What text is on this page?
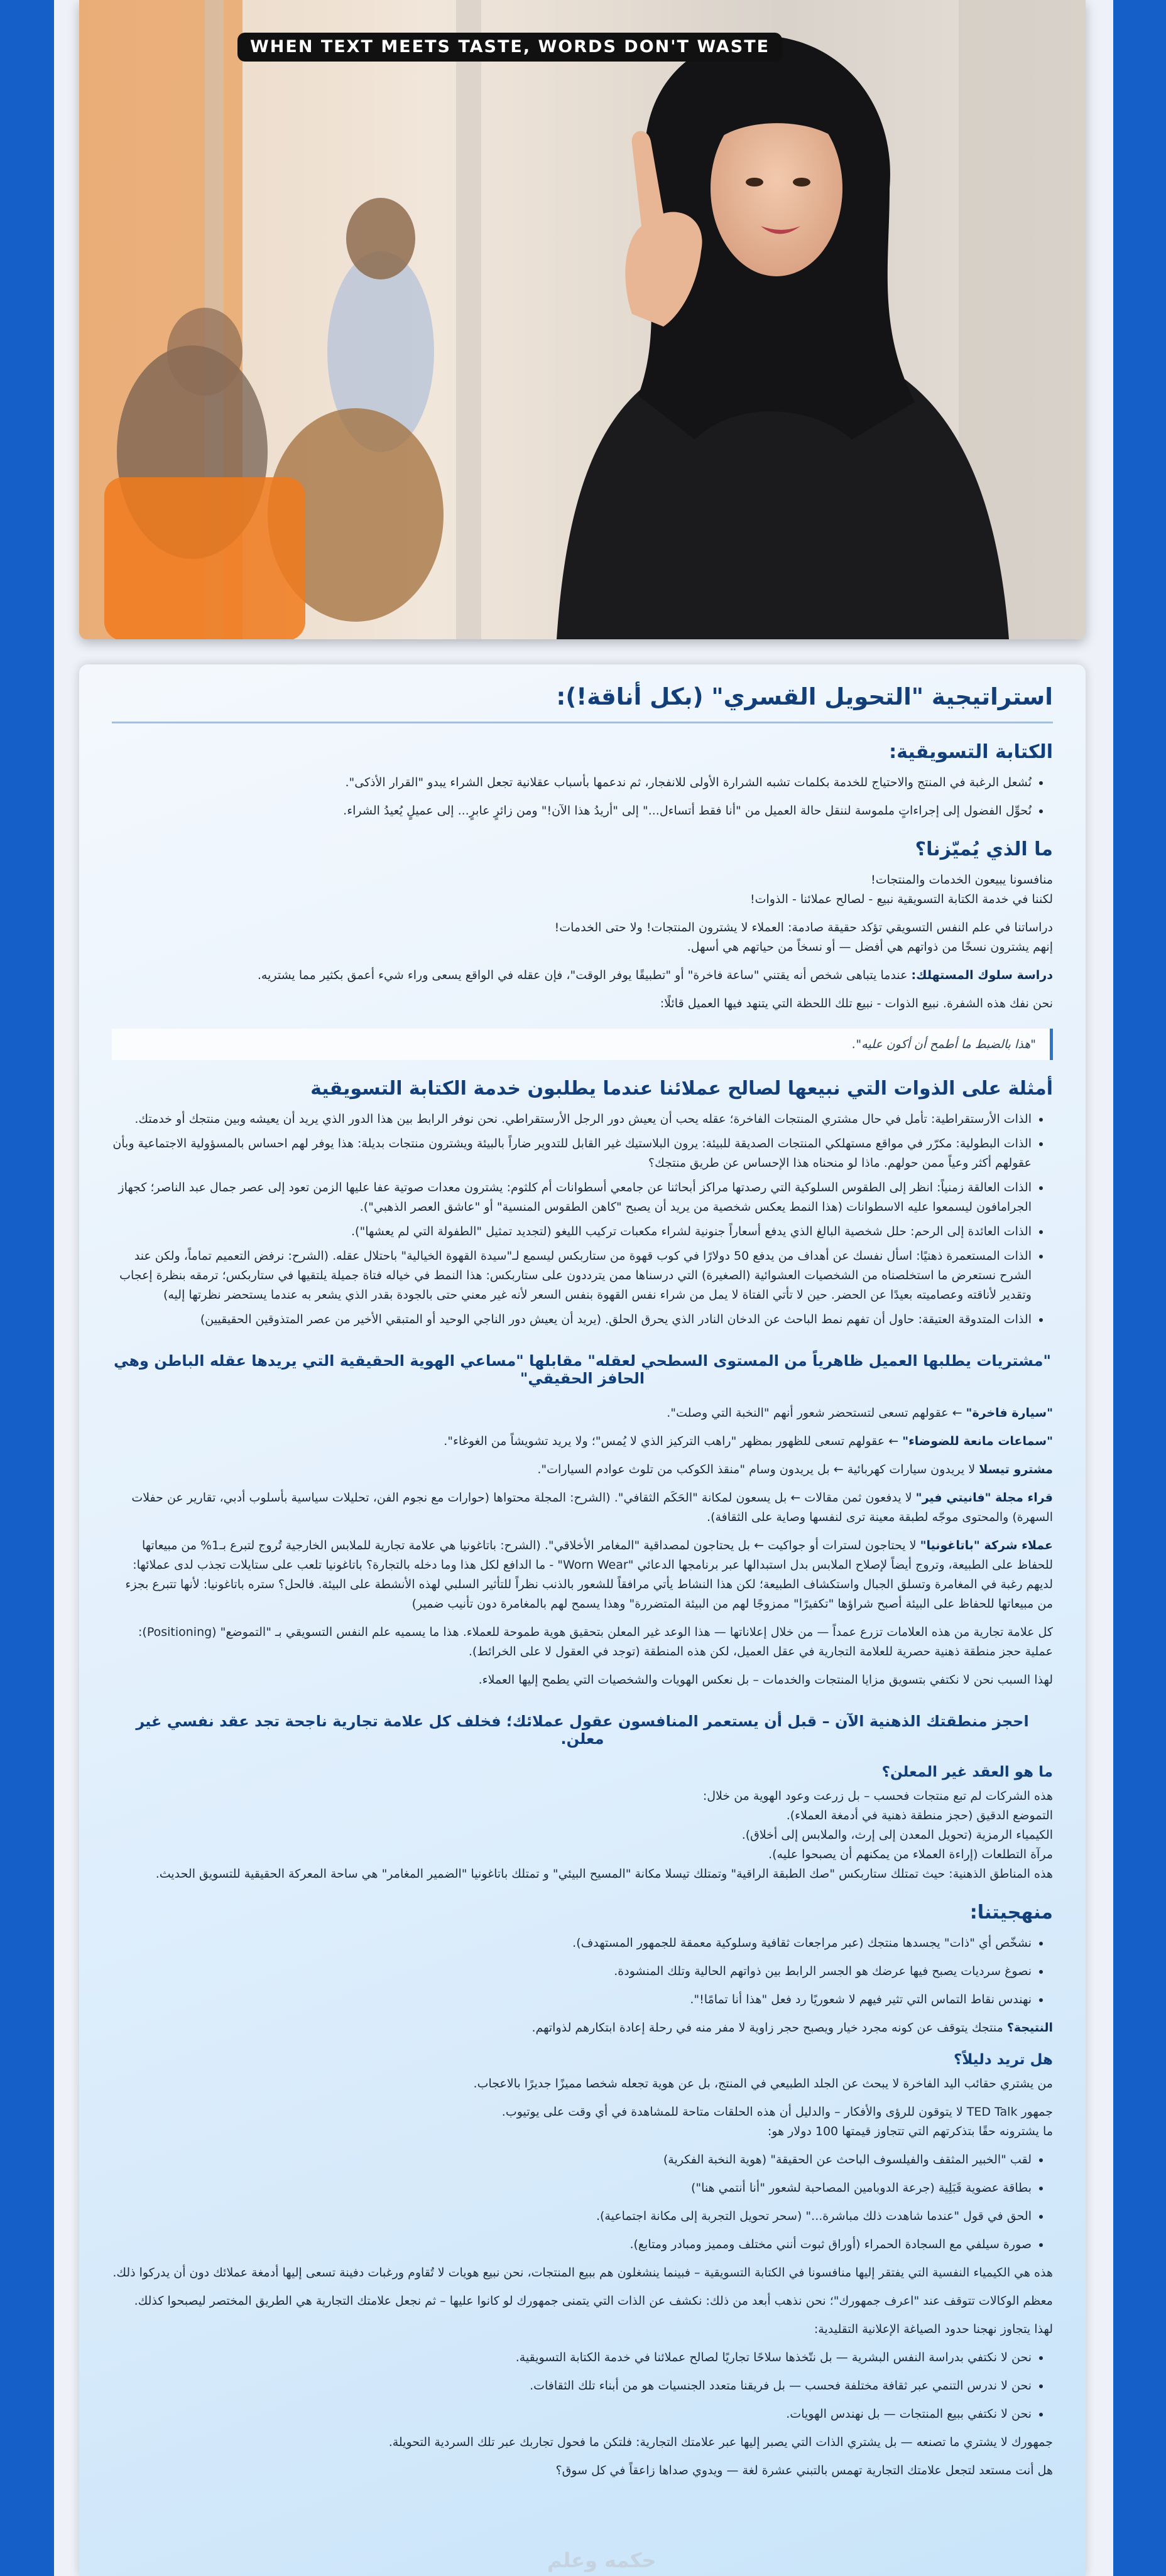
WHEN TEXT MEETS TASTE, WORDS DON'T WASTE
استراتيجية "التحويل القسري" (بكل أناقة!):
الكتابة التسويقية:
• نُشعل الرغبة في المنتج والاحتياج للخدمة بكلمات تشبه الشرارة الأولى للانفجار، ثم ندعمها بأسباب عقلانية تجعل الشراء يبدو "القرار الأذكى".
• نُحوِّل الفضول إلى إجراءاتٍ ملموسة لننقل حالة العميل من "أنا فقط أتساءل..." إلى "أريدُ هذا الآن!" ومن زائرٍ عابرٍ... إلى عميلٍ يُعيدُ الشراء.
ما الذي يُميّزنا؟

منافسونا يبيعون الخدمات والمنتجات!

لكننا في خدمة الكتابة التسويقية نبيع - لصالح عملائنا - الذوات!

دراساتنا في علم النفس التسويقي تؤكد حقيقة صادمة: العملاء لا يشترون المنتجات! ولا حتى الخدمات!

إنهم يشترون نسخًا من ذواتهم هي أفضل — أو نسخاً من حياتهم هي أسهل.

دراسة سلوك المستهلك: عندما يتباهى شخص أنه يقتني "ساعة فاخرة" أو "تطبيقًا يوفر الوقت"، فإن عقله في الواقع يسعى وراء شيء أعمق بكثير مما يشتريه.

نحن نفك هذه الشفرة. نبيع الذوات - نبيع تلك اللحظة التي يتنهد فيها العميل قائلًا:

"هذا بالضبط ما أطمح أن أكون عليه".
أمثلة على الذوات التي نبيعها لصالح عملائنا عندما يطلبون خدمة الكتابة التسويقية
• الذات الأرستقراطية: تأمل في حال مشتري المنتجات الفاخرة؛ عقله يحب أن يعيش دور الرجل الأرستقراطي. نحن نوفر الرابط بين هذا الدور الذي يريد أن يعيشه وبين منتجك أو خدمتك.
• الذات البطولية: مكرّر في مواقع مستهلكي المنتجات الصديقة للبيئة: يرون البلاستيك غير القابل للتدوير ضاراً بالبيئة ويشترون منتجات بديلة: هذا يوفر لهم احساس بالمسؤولية الاجتماعية وبأن عقولهم أكثر وعياً ممن حولهم. ماذا لو منحناه هذا الإحساس عن طريق منتجك؟
• الذات العالقة زمنياً: انظر إلى الطقوس السلوكية التي رصدتها مراكز أبحاثنا عن جامعي أسطوانات أم كلثوم: يشترون معدات صوتية عفا عليها الزمن تعود إلى عصر جمال عبد الناصر؛ كجهاز الجرامافون ليسمعوا عليه الاسطوانات (هذا النمط يعكس شخصية من يريد أن يصبح "كاهن الطقوس المنسية" أو "عاشق العصر الذهبي").
• الذات العائدة إلى الرحم: حلل شخصية البالغ الذي يدفع أسعاراً جنونية لشراء مكعبات تركيب الليغو (لتجديد تمثيل "الطفولة التي لم يعشها").
• الذات المستعمرة ذهنيًا: اسأل نفسك عن أهداف من يدفع 50 دولارًا في كوب قهوة من ستاربكس ليسمع لـ"سيدة القهوة الخيالية" باحتلال عقله. (الشرح: نرفض التعميم تماماً، ولكن عند الشرح نستعرض ما استخلصناه من الشخصيات العشوائية (الصغيرة) التي درسناها ممن يترددون على ستاربكس: هذا النمط في خياله فتاة جميلة يلتقيها في ستاربكس؛ ترمقه بنظرة إعجاب وتقدير لأناقته وعصاميته بعيدًا عن الحضر. حين لا تأتي الفتاة لا يمل من شراء نفس القهوة بنفس السعر لأنه غير معني حتى بالجودة بقدر الذي يشعر به عندما يستحضر نظرتها إليه)
• الذات المتدوقة العتيقة: حاول أن تفهم نمط الباحث عن الدخان النادر الذي يحرق الحلق. (يريد أن يعيش دور الناجي الوحيد أو المتبقي الأخير من عصر المتذوقين الحقيقيين)
"مشتريات يطلبها العميل ظاهرياً من المستوى السطحي لعقله" مقابلها "مساعي الهوية الحقيقية التي يريدها عقله الباطن وهي الحافز الحقيقي"

"سيارة فاخرة" ← عقولهم تسعى لتستحضر شعور أنهم "النخبة التي وصلت".

"سماعات مانعة للضوضاء" ← عقولهم تسعى للظهور بمظهر "راهب التركيز الذي لا يُمس"؛ ولا يريد تشويشاً من الغوغاء".

مشترو تيسلا لا يريدون سيارات كهربائية ← بل يريدون وسام "منقذ الكوكب من تلوث عوادم السيارات".

قراء مجلة "فانيتي فير" لا يدفعون ثمن مقالات ← بل يسعون لمكانة "الحَكَم الثقافي". (الشرح: المجلة محتواها (حوارات مع نجوم الفن، تحليلات سياسية بأسلوب أدبي، تقارير عن حفلات السهرة) والمحتوى موجّه لطبقة معينة ترى لنفسها وصاية على الثقافة).

عملاء شركة "باتاغونيا" لا يحتاجون لسترات أو جواكيت ← بل يحتاجون لمصداقية "المغامر الأخلاقي". (الشرح: باتاغونيا هي علامة تجارية للملابس الخارجية تُروج لتبرع بـ1% من مبيعاتها للحفاظ على الطبيعة، وتروج أيضاً لإصلاح الملابس بدل استبدالها عبر برنامجها الدعائي "Worn Wear" - ما الدافع لكل هذا وما دخله بالتجارة؟ باتاغونيا تلعب على ستايلات تجذب لدى عملائها: لديهم رغبة في المغامرة وتسلق الجبال واستكشاف الطبيعة؛ لكن هذا النشاط يأتي مرافقاً للشعور بالذنب نظراً للتأثير السلبي لهذه الأنشطة على البيئة. فالحل؟ ستره باتاغونيا: لأنها تتبرع بجزء من مبيعاتها للحفاظ على البيئة أصبح شراؤها "تكفيرًا" ممزوجًا لهم من البيئة المتضررة" وهذا يسمح لهم بالمغامرة دون تأنيب ضمير)

كل علامة تجارية من هذه العلامات تزرع عمداً — من خلال إعلاناتها — هذا الوعد غير المعلن بتحقيق هوية طموحة للعملاء. هذا ما يسميه علم النفس التسويقي بـ "التموضع" (Positioning): عملية حجز منطقة ذهنية حصرية للعلامة التجارية في عقل العميل، لكن هذه المنطقة (توجد في العقول لا على الخرائط).

لهذا السبب نحن لا نكتفي بتسويق مزايا المنتجات والخدمات – بل نعكس الهويات والشخصيات التي يطمح إليها العملاء.

احجز منطقتك الذهنية الآن – قبل أن يستعمر المنافسون عقول عملائك؛ فخلف كل علامة تجارية ناجحة تجد عقد نفسي غير معلن.
ما هو العقد غير المعلن؟

هذه الشركات لم تبع منتجات فحسب – بل زرعت وعود الهوية من خلال:

التموضع الدقيق (حجز منطقة ذهنية في أدمغة العملاء).

الكيمياء الرمزية (تحويل المعدن إلى إرث، والملابس إلى أخلاق).

مرآة التطلعات (إراءة العملاء من يمكنهم أن يصبحوا عليه).

هذه المناطق الذهنية: حيث تمتلك ستاربكس "صك الطبقة الراقية" وتمتلك تيسلا مكانة "المسيح البيئي" و تمتلك باتاغونيا "الضمير المغامر" هي ساحة المعركة الحقيقية للتسويق الحديث.

منهجيتنا:
• نشخّص أي "ذات" يجسدها منتجك (عبر مراجعات ثقافية وسلوكية معمقة للجمهور المستهدف).
• نصوغ سرديات يصبح فيها عرضك هو الجسر الرابط بين ذواتهم الحالية وتلك المنشودة.
• نهندس نقاط التماس التي تثير فيهم لا شعوريًا رد فعل "هذا أنا تمامًا!".

النتيجة؟ منتجك يتوقف عن كونه مجرد خيار ويصبح حجر زاوية لا مفر منه في رحلة إعادة ابتكارهم لذواتهم.

هل تريد دليلاً؟

من يشتري حقائب اليد الفاخرة لا يبحث عن الجلد الطبيعي في المنتج، بل عن هوية تجعله شخصا مميزًا جديرًا بالاعجاب.

جمهور TED Talk لا يتوقون للرؤى والأفكار – والدليل أن هذه الحلقات متاحة للمشاهدة في أي وقت على يوتيوب.

ما يشترونه حقًا بتذكرتهم التي تتجاوز قيمتها 100 دولار هو:

• لقب "الخبير المثقف والفيلسوف الباحث عن الحقيقة" (هوية النخبة الفكرية)
• بطاقة عضوية قَبَلِية (جرعة الدوبامين المصاحبة لشعور "أنا أنتمي هنا")
• الحق في قول "عندما شاهدت ذلك مباشرة..." (سحر تحويل التجربة إلى مكانة اجتماعية).
• صورة سيلفي مع السجادة الحمراء (أوراق ثبوت أنني مختلف ومميز ومبادر ومتابع).

هذه هي الكيمياء النفسية التي يفتقر إليها منافسونا في الكتابة التسويقية – فبينما ينشغلون هم ببيع المنتجات، نحن نبيع هويات لا تُقاوم ورغبات دفينة تسعى إليها أدمغة عملائك دون أن يدركوا ذلك.

معظم الوكالات تتوقف عند "اعرف جمهورك"؛ نحن نذهب أبعد من ذلك: نكشف عن الذات التي يتمنى جمهورك لو كانوا عليها – ثم نجعل علامتك التجارية هي الطريق المختصر ليصبحوا كذلك.

لهذا يتجاوز نهجنا حدود الصياغة الإعلانية التقليدية:

• نحن لا نكتفي بدراسة النفس البشرية — بل نتّخذها سلاحًا تجاريًا لصالح عملائنا في خدمة الكتابة التسويقية.
• نحن لا ندرس التنمي عبر ثقافة مختلفة فحسب — بل فريقنا متعدد الجنسيات هو من أبناء تلك الثقافات.
• نحن لا نكتفي ببيع المنتجات — بل نهندس الهويات.

جمهورك لا يشتري ما تصنعه — بل يشتري الذات التي يصبر إليها عبر علامتك التجارية: فلتكن ما فحول تجاربك عبر تلك السردية التحويلة.

هل أنت مستعد لتجعل علامتك التجارية تهمس بالتبني عشرة لغة — ويدوي صداها زاعقاً في كل سوق؟

حكمه وعلم
